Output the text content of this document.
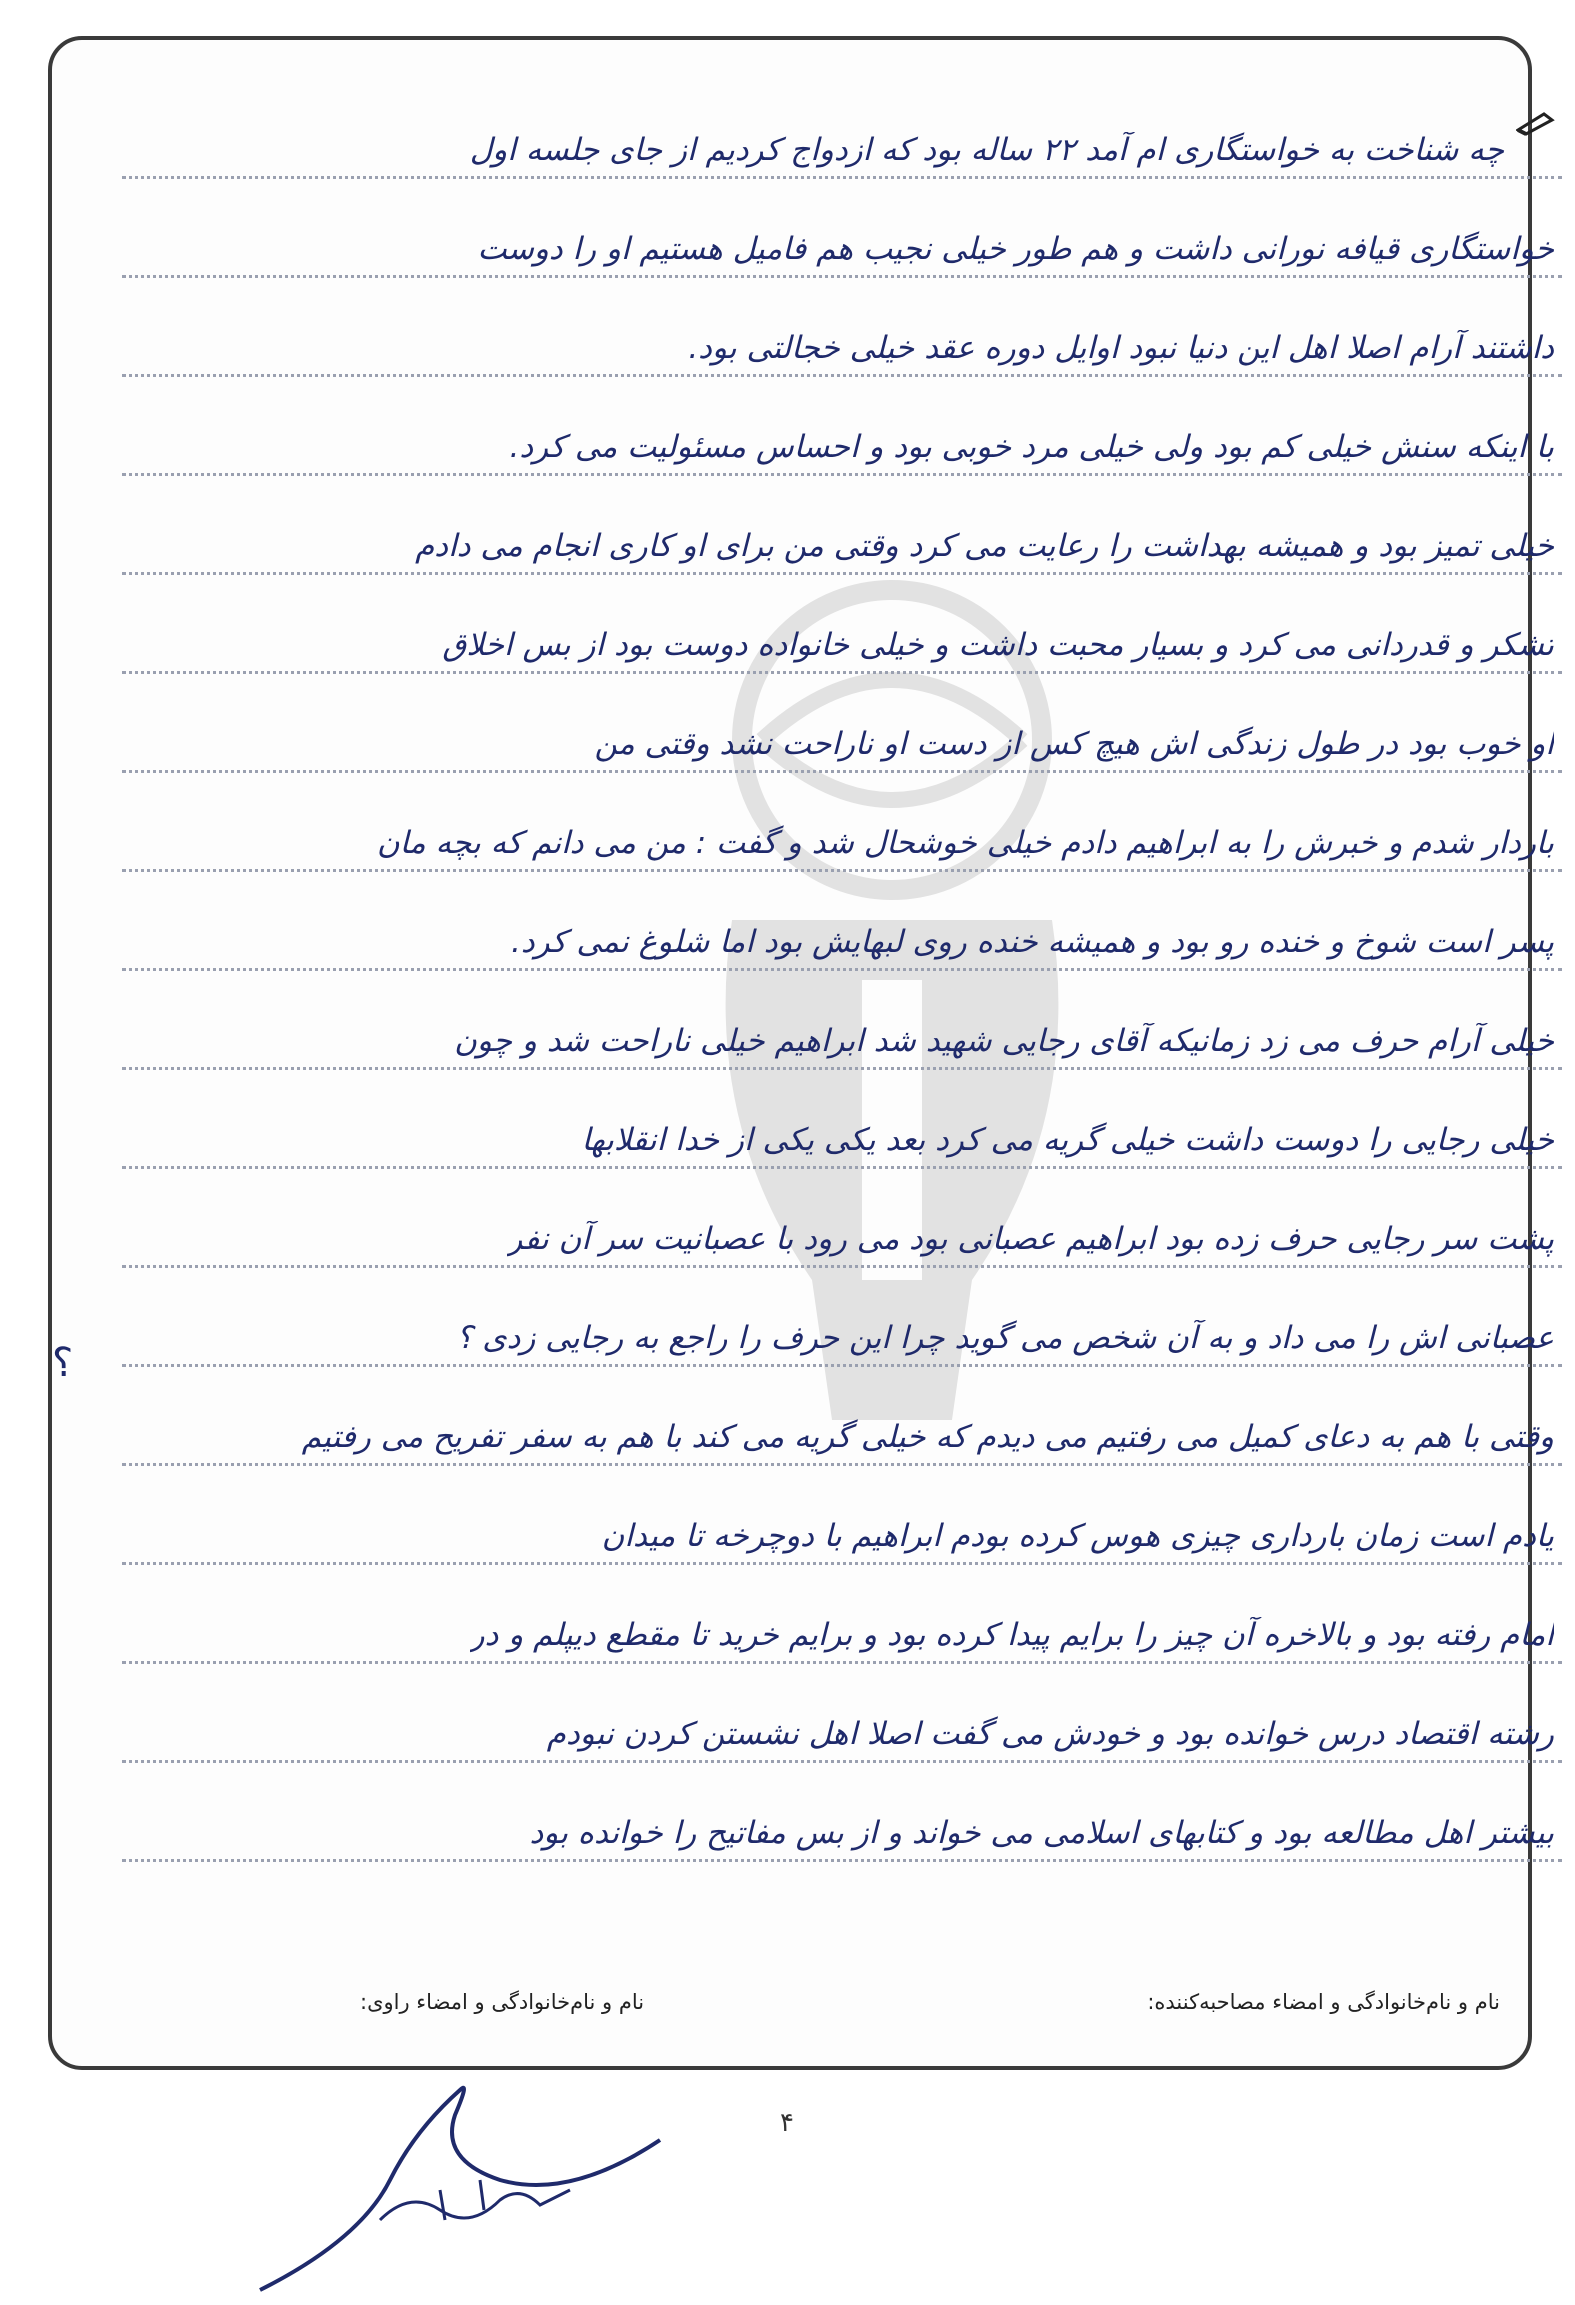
چه شناخت به خواستگاری ام آمد ۲۲ ساله بود که ازدواج کردیم از جای جلسه اول
خواستگاری قیافه نورانی داشت و هم طور خیلی نجیب هم فامیل هستیم او را دوست
داشتند آرام اصلا اهل این دنیا نبود اوایل دوره عقد خیلی خجالتی بود.
با اینکه سنش خیلی کم بود ولی خیلی مرد خوبی بود و احساس مسئولیت می کرد.
خیلی تمیز بود و همیشه بهداشت را رعایت می کرد وقتی من برای او کاری انجام می دادم
تشکر و قدردانی می کرد و بسیار محبت داشت و خیلی خانواده دوست بود از بس اخلاق
او خوب بود در طول زندگی اش هیچ کس از دست او ناراحت نشد وقتی من
باردار شدم و خبرش را به ابراهیم دادم خیلی خوشحال شد و گفت : من می دانم که بچه مان
پسر است شوخ و خنده رو بود و همیشه خنده روی لبهایش بود اما شلوغ نمی کرد.
خیلی آرام حرف می زد زمانیکه آقای رجایی شهید شد ابراهیم خیلی ناراحت شد و چون
خیلی رجایی را دوست داشت خیلی گریه می کرد بعد یکی یکی از خدا انقلابها
پشت سر رجایی حرف زده بود ابراهیم عصبانی بود می رود با عصبانیت سر آن نفر
عصبانی اش را می داد و به آن شخص می گوید چرا این حرف را راجع به رجایی زدی ؟
وقتی با هم به دعای کمیل می رفتیم می دیدم که خیلی گریه می کند با هم به سفر تفریح می رفتیم
یادم است زمان بارداری چیزی هوس کرده بودم ابراهیم با دوچرخه تا میدان
امام رفته بود و بالاخره آن چیز را برایم پیدا کرده بود و برایم خرید تا مقطع دیپلم و در
رشته اقتصاد درس خوانده بود و خودش می گفت اصلا اهل نشستن کردن نبودم
بیشتر اهل مطالعه بود و کتابهای اسلامی می خواند و از بس مفاتیح را خوانده بود
؟
نام و نام‌خانوادگی و امضاء مصاحبه‌کننده:
نام و نام‌خانوادگی و امضاء راوی:
۴
